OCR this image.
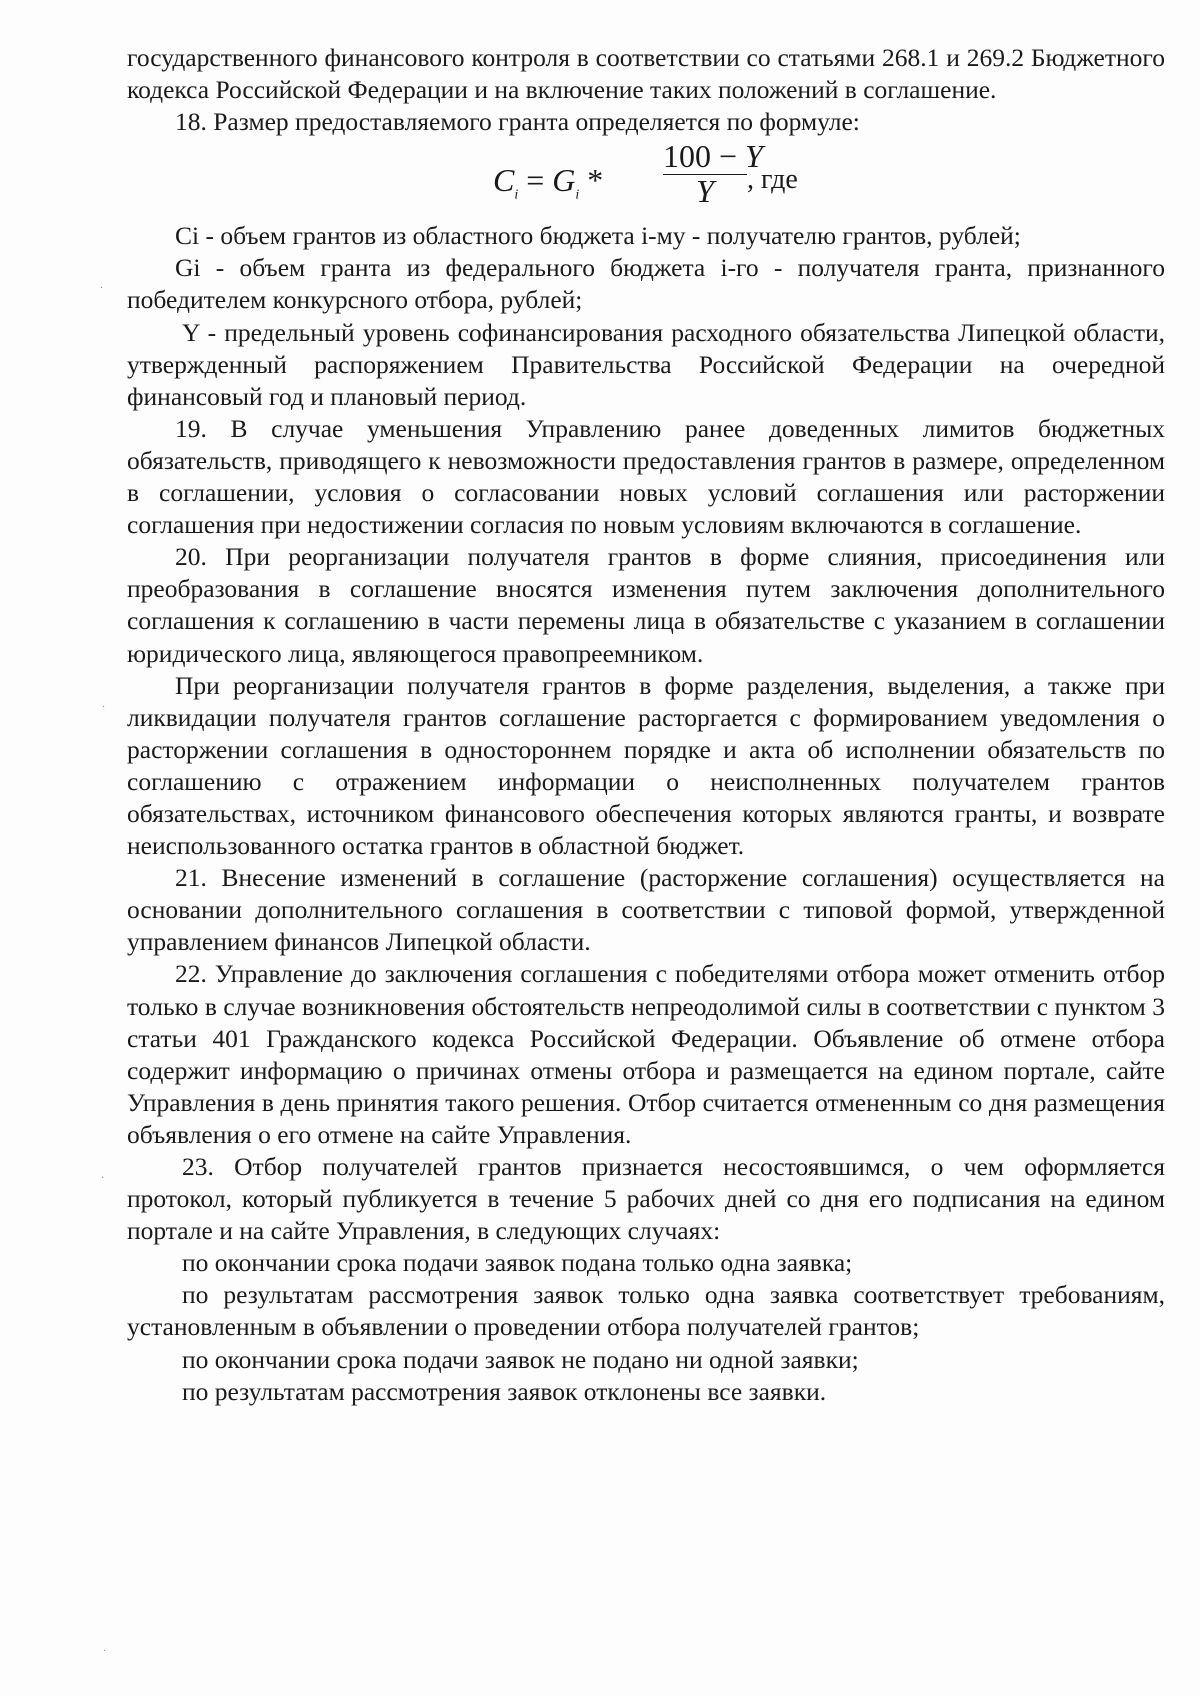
государственного финансового контроля в соответствии со статьями 268.1 и 269.2 Бюджетного кодекса Российской Федерации и на включение таких положений в соглашение.

18. Размер предоставляемого гранта определяется по формуле:

$C_i = G_i * \frac{100 - Y}{Y}$ , где

Ci - объем грантов из областного бюджета i-му - получателю грантов, рублей;

Gi - объем гранта из федерального бюджета i-го - получателя гранта, признанного победителем конкурсного отбора, рублей;

Y - предельный уровень софинансирования расходного обязательства Липецкой области, утвержденный распоряжением Правительства Российской Федерации на очередной финансовый год и плановый период.

19. В случае уменьшения Управлению ранее доведенных лимитов бюджетных обязательств, приводящего к невозможности предоставления грантов в размере, определенном в соглашении, условия о согласовании новых условий соглашения или расторжении соглашения при недостижении согласия по новым условиям включаются в соглашение.

20. При реорганизации получателя грантов в форме слияния, присоединения или преобразования в соглашение вносятся изменения путем заключения дополнительного соглашения к соглашению в части перемены лица в обязательстве с указанием в соглашении юридического лица, являющегося правопреемником.

При реорганизации получателя грантов в форме разделения, выделения, а также при ликвидации получателя грантов соглашение расторгается с формированием уведомления о расторжении соглашения в одностороннем порядке и акта об исполнении обязательств по соглашению с отражением информации о неисполненных получателем грантов обязательствах, источником финансового обеспечения которых являются гранты, и возврате неиспользованного остатка грантов в областной бюджет.

21. Внесение изменений в соглашение (расторжение соглашения) осуществляется на основании дополнительного соглашения в соответствии с типовой формой, утвержденной управлением финансов Липецкой области.

22. Управление до заключения соглашения с победителями отбора может отменить отбор только в случае возникновения обстоятельств непреодолимой силы в соответствии с пунктом 3 статьи 401 Гражданского кодекса Российской Федерации. Объявление об отмене отбора содержит информацию о причинах отмены отбора и размещается на едином портале, сайте Управления в день принятия такого решения. Отбор считается отмененным со дня размещения объявления о его отмене на сайте Управления.

23. Отбор получателей грантов признается несостоявшимся, о чем оформляется протокол, который публикуется в течение 5 рабочих дней со дня его подписания на едином портале и на сайте Управления, в следующих случаях:

по окончании срока подачи заявок подана только одна заявка;

по результатам рассмотрения заявок только одна заявка соответствует требованиям, установленным в объявлении о проведении отбора получателей грантов;

по окончании срока подачи заявок не подано ни одной заявки;

по результатам рассмотрения заявок отклонены все заявки.

·
·
·
·
